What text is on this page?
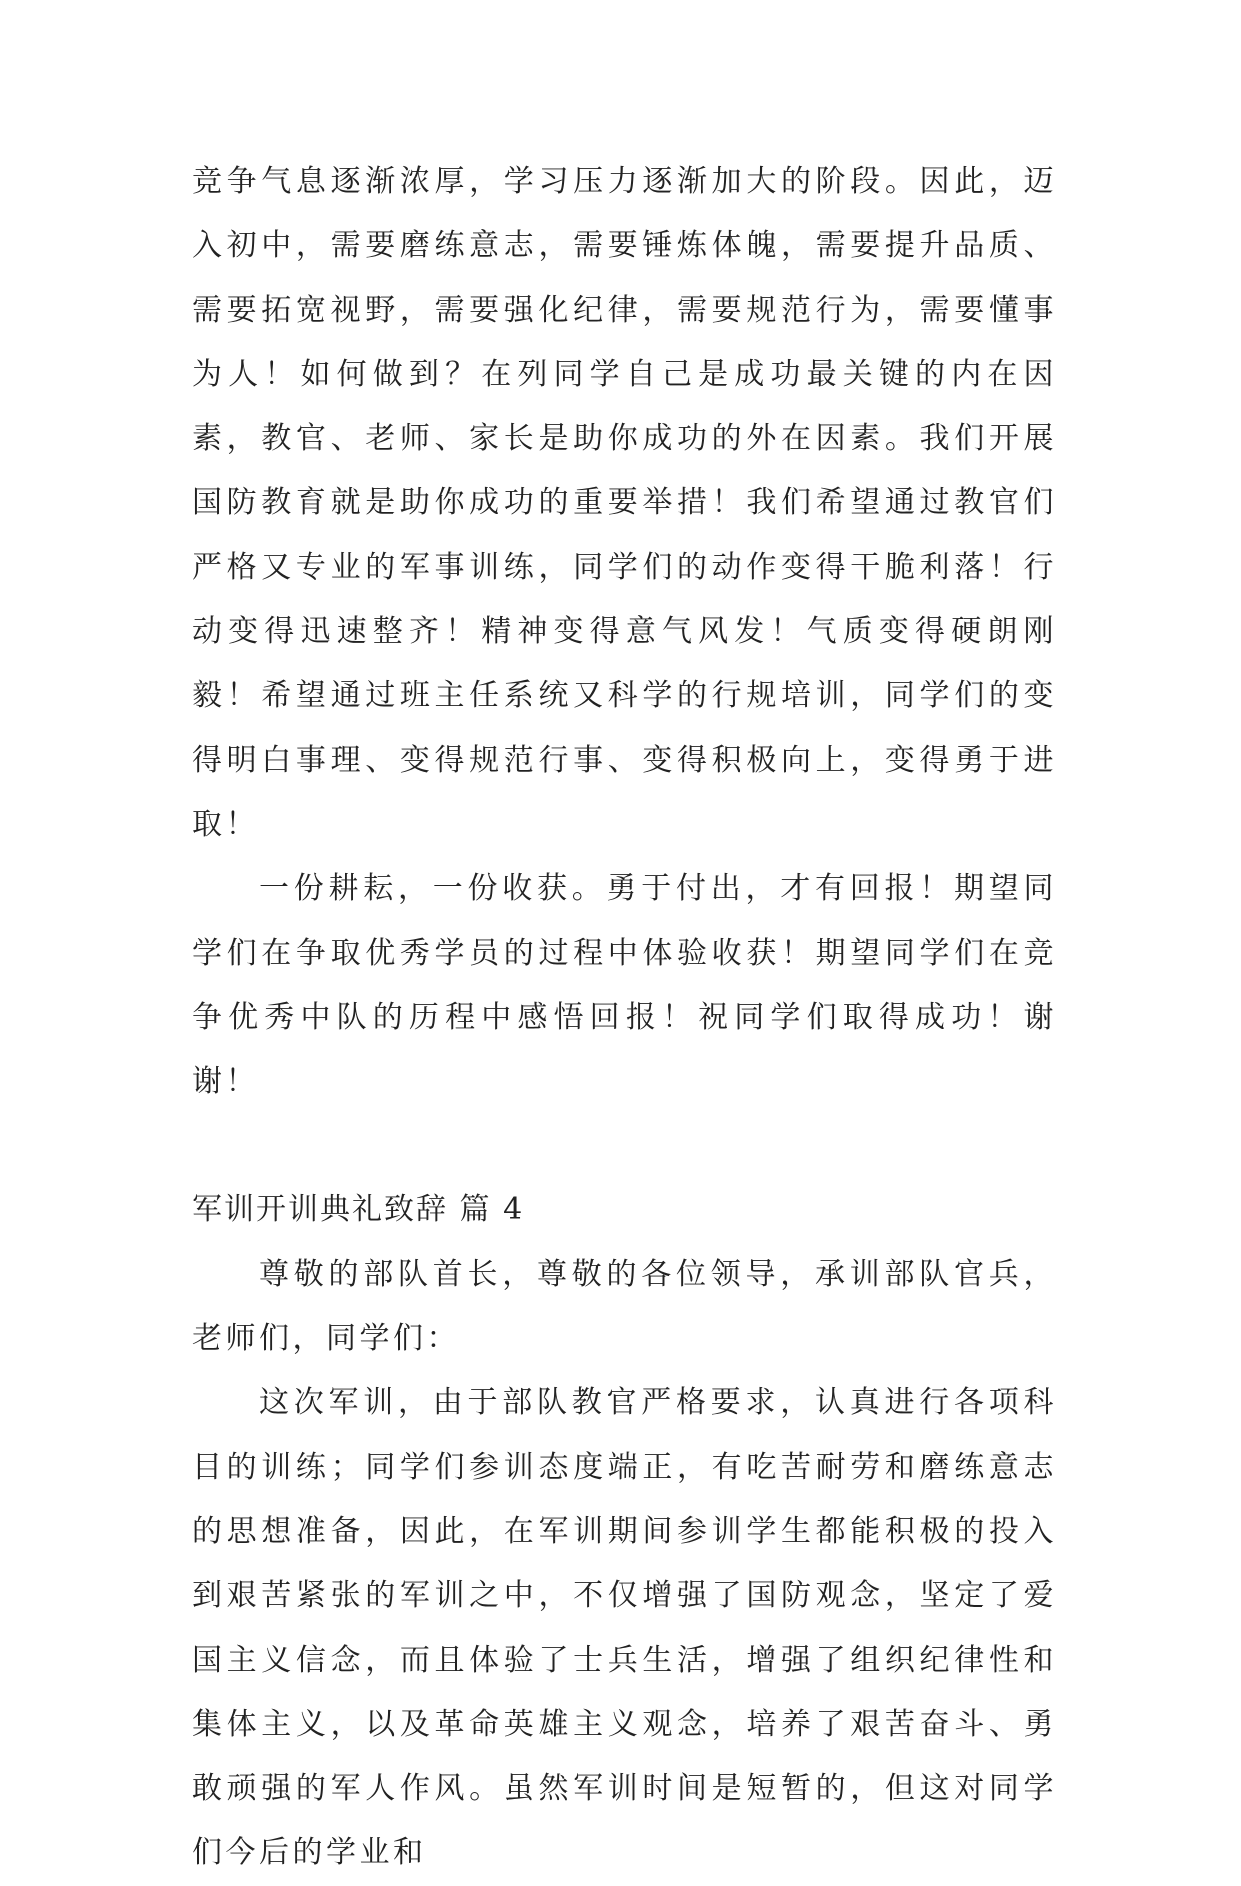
竞争气息逐渐浓厚，学习压力逐渐加大的阶段。因此，迈入初中，需要磨练意志，需要锤炼体魄，需要提升品质、需要拓宽视野，需要强化纪律，需要规范行为，需要懂事为人！如何做到？在列同学自己是成功最关键的内在因素，教官、老师、家长是助你成功的外在因素。我们开展国防教育就是助你成功的重要举措！我们希望通过教官们严格又专业的军事训练，同学们的动作变得干脆利落！行动变得迅速整齐！精神变得意气风发！气质变得硬朗刚毅！希望通过班主任系统又科学的行规培训，同学们的变得明白事理、变得规范行事、变得积极向上，变得勇于进取！

一份耕耘，一份收获。勇于付出，才有回报！期望同学们在争取优秀学员的过程中体验收获！期望同学们在竞争优秀中队的历程中感悟回报！祝同学们取得成功！谢谢！

军训开训典礼致辞 篇 4

尊敬的部队首长，尊敬的各位领导，承训部队官兵，老师们，同学们：

这次军训，由于部队教官严格要求，认真进行各项科目的训练；同学们参训态度端正，有吃苦耐劳和磨练意志的思想准备，因此，在军训期间参训学生都能积极的投入到艰苦紧张的军训之中，不仅增强了国防观念，坚定了爱国主义信念，而且体验了士兵生活，增强了组织纪律性和集体主义，以及革命英雄主义观念，培养了艰苦奋斗、勇敢顽强的军人作风。虽然军训时间是短暂的，但这对同学们今后的学业和
